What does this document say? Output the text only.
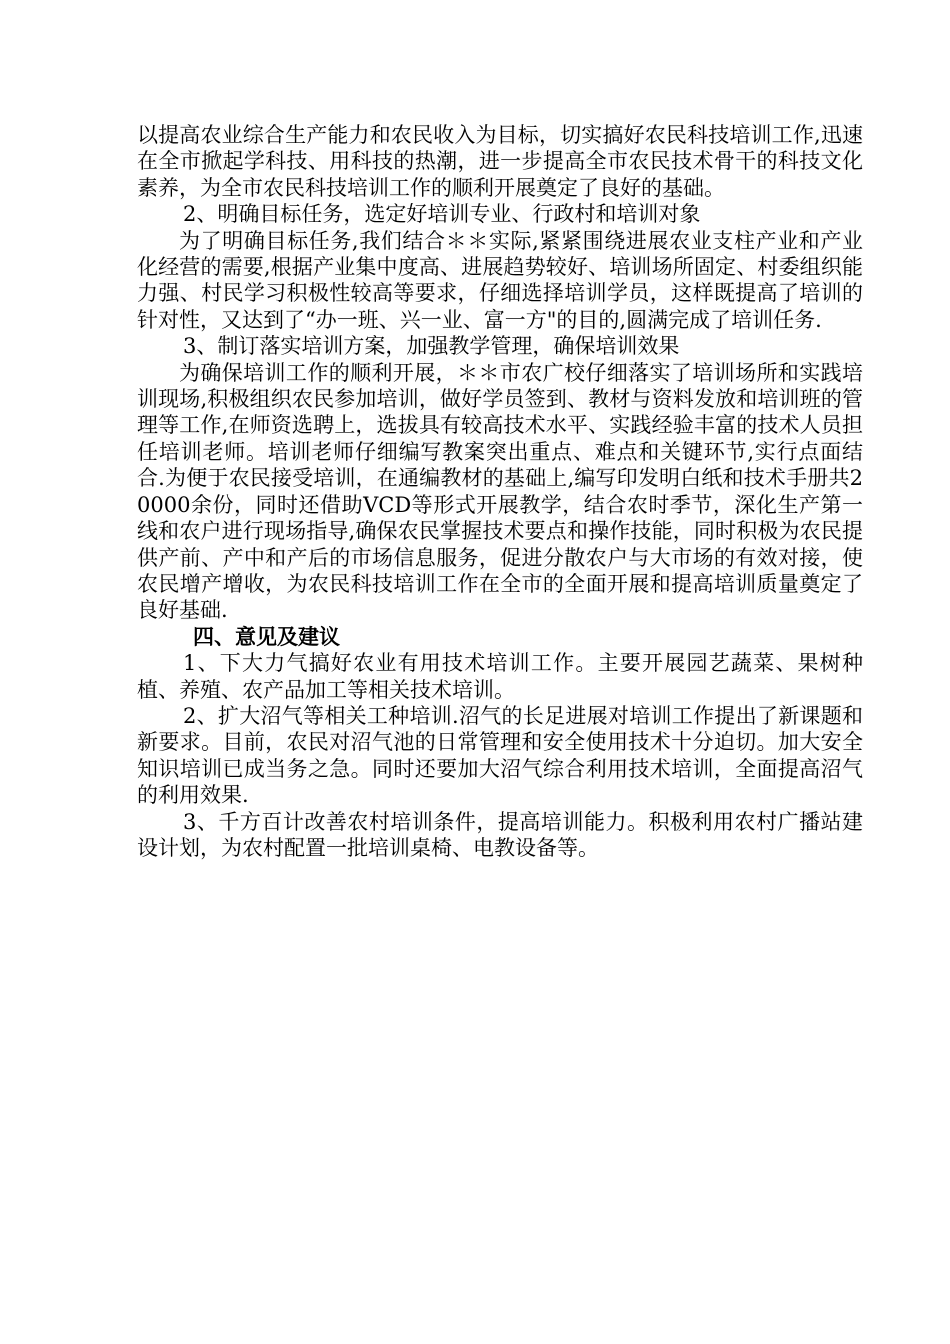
以提高农业综合生产能力和农民收入为目标，切实搞好农民科技培训工作,迅速在全市掀起学科技、用科技的热潮，进一步提高全市农民技术骨干的科技文化素养，为全市农民科技培训工作的顺利开展奠定了良好的基础。

2、明确目标任务，选定好培训专业、行政村和培训对象

为了明确目标任务,我们结合＊＊实际,紧紧围绕进展农业支柱产业和产业化经营的需要,根据产业集中度高、进展趋势较好、培训场所固定、村委组织能力强、村民学习积极性较高等要求，仔细选择培训学员，这样既提高了培训的针对性，又达到了“办一班、兴一业、富一方"的目的,圆满完成了培训任务.

3、制订落实培训方案，加强教学管理，确保培训效果

为确保培训工作的顺利开展，＊＊市农广校仔细落实了培训场所和实践培训现场,积极组织农民参加培训，做好学员签到、教材与资料发放和培训班的管理等工作,在师资选聘上，选拔具有较高技术水平、实践经验丰富的技术人员担任培训老师。培训老师仔细编写教案突出重点、难点和关键环节,实行点面结合.为便于农民接受培训，在通编教材的基础上,编写印发明白纸和技术手册共20000余份，同时还借助VCD等形式开展教学，结合农时季节，深化生产第一线和农户进行现场指导,确保农民掌握技术要点和操作技能，同时积极为农民提供产前、产中和产后的市场信息服务，促进分散农户与大市场的有效对接，使农民增产增收，为农民科技培训工作在全市的全面开展和提高培训质量奠定了良好基础.

四、意见及建议

1、下大力气搞好农业有用技术培训工作。主要开展园艺蔬菜、果树种植、养殖、农产品加工等相关技术培训。

2、扩大沼气等相关工种培训.沼气的长足进展对培训工作提出了新课题和新要求。目前，农民对沼气池的日常管理和安全使用技术十分迫切。加大安全知识培训已成当务之急。同时还要加大沼气综合利用技术培训，全面提高沼气的利用效果.

3、千方百计改善农村培训条件，提高培训能力。积极利用农村广播站建设计划，为农村配置一批培训桌椅、电教设备等。
